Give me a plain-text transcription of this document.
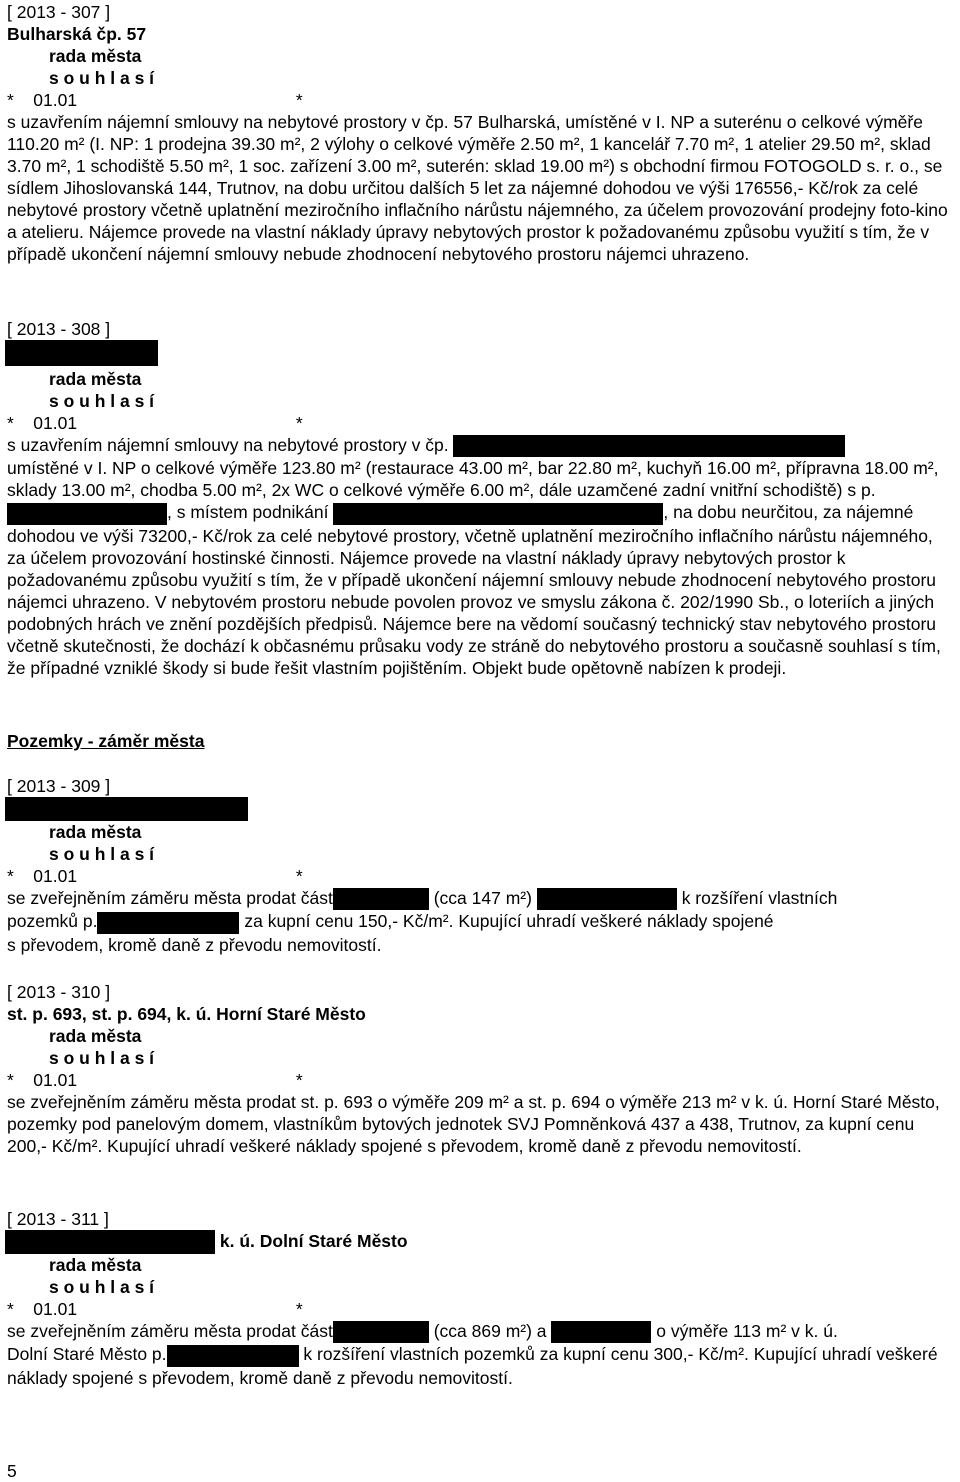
[ 2013 - 307 ]

Bulharská čp. 57

rada města

s o u h l a s í

*    01.01                                             *

s uzavřením nájemní smlouvy na nebytové prostory v čp. 57 Bulharská, umístěné v I. NP a suterénu o celkové výměře 110.20 m² (I. NP: 1 prodejna 39.30 m², 2 výlohy o celkové výměře 2.50 m², 1 kancelář 7.70 m², 1 atelier 29.50 m², sklad 3.70 m², 1 schodiště 5.50 m², 1 soc. zařízení 3.00 m², suterén: sklad 19.00 m²) s obchodní firmou FOTOGOLD s. r. o., se sídlem Jihoslovanská 144, Trutnov, na dobu určitou dalších 5 let za nájemné dohodou ve výši 176556,- Kč/rok za celé nebytové prostory včetně uplatnění meziročního inflačního nárůstu nájemného, za účelem provozování prodejny foto-kino a atelieru. Nájemce provede na vlastní náklady úpravy nebytových prostor k požadovanému způsobu využití s tím, že v případě ukončení nájemní smlouvy nebude zhodnocení nebytového prostoru nájemci uhrazeno.

[ 2013 - 308 ]

rada města

s o u h l a s í

*    01.01                                             *

s uzavřením nájemní smlouvy na nebytové prostory v čp.
umístěné v I. NP o celkové výměře 123.80 m² (restaurace 43.00 m², bar 22.80 m², kuchyň 16.00 m², přípravna 18.00 m², sklady 13.00 m², chodba 5.00 m², 2x WC o celkové výměře 6.00 m², dále uzamčené zadní vnitřní schodiště) s p. , s místem podnikání	, na dobu neurčitou, za nájemné dohodou ve výši 73200,- Kč/rok za celé nebytové prostory, včetně uplatnění meziročního inflačního nárůstu nájemného, za účelem provozování hostinské činnosti. Nájemce provede na vlastní náklady úpravy nebytových prostor k požadovanému způsobu využití s tím, že v případě ukončení nájemní smlouvy nebude zhodnocení nebytového prostoru nájemci uhrazeno. V nebytovém prostoru nebude povolen provoz ve smyslu zákona č. 202/1990 Sb., o loteriích a jiných podobných hrách ve znění pozdějších předpisů. Nájemce bere na vědomí současný technický stav nebytového prostoru včetně skutečnosti, že dochází k občasnému průsaku vody ze stráně do nebytového prostoru a současně souhlasí s tím, že případné vzniklé škody si bude řešit vlastním pojištěním. Objekt bude opětovně nabízen k prodeji.

Pozemky - záměr města

[ 2013 - 309 ]

rada města

s o u h l a s í

*    01.01                                             *

se zveřejněním záměru města prodat část	(cca 147 m²)	k rozšíření vlastních
pozemků p.	za kupní cenu 150,- Kč/m². Kupující uhradí veškeré náklady spojené
s převodem, kromě daně z převodu nemovitostí.

[ 2013 - 310 ]

st. p. 693, st. p. 694, k. ú. Horní Staré Město

rada města

s o u h l a s í

*    01.01                                             *

se zveřejněním záměru města prodat st. p. 693 o výměře 209 m² a st. p. 694 o výměře 213 m² v k. ú. Horní Staré Město, pozemky pod panelovým domem, vlastníkům bytových jednotek SVJ Pomněnková 437 a 438, Trutnov, za kupní cenu 200,- Kč/m². Kupující uhradí veškeré náklady spojené s převodem, kromě daně z převodu nemovitostí.

[ 2013 - 311 ]

k. ú. Dolní Staré Město

rada města

s o u h l a s í

*    01.01                                             *

se zveřejněním záměru města prodat část	(cca 869 m²) a	o výměře 113 m² v k. ú.
Dolní Staré Město p.	k rozšíření vlastních pozemků za kupní cenu 300,- Kč/m². Kupující uhradí veškeré náklady spojené s převodem, kromě daně z převodu nemovitostí.

5
